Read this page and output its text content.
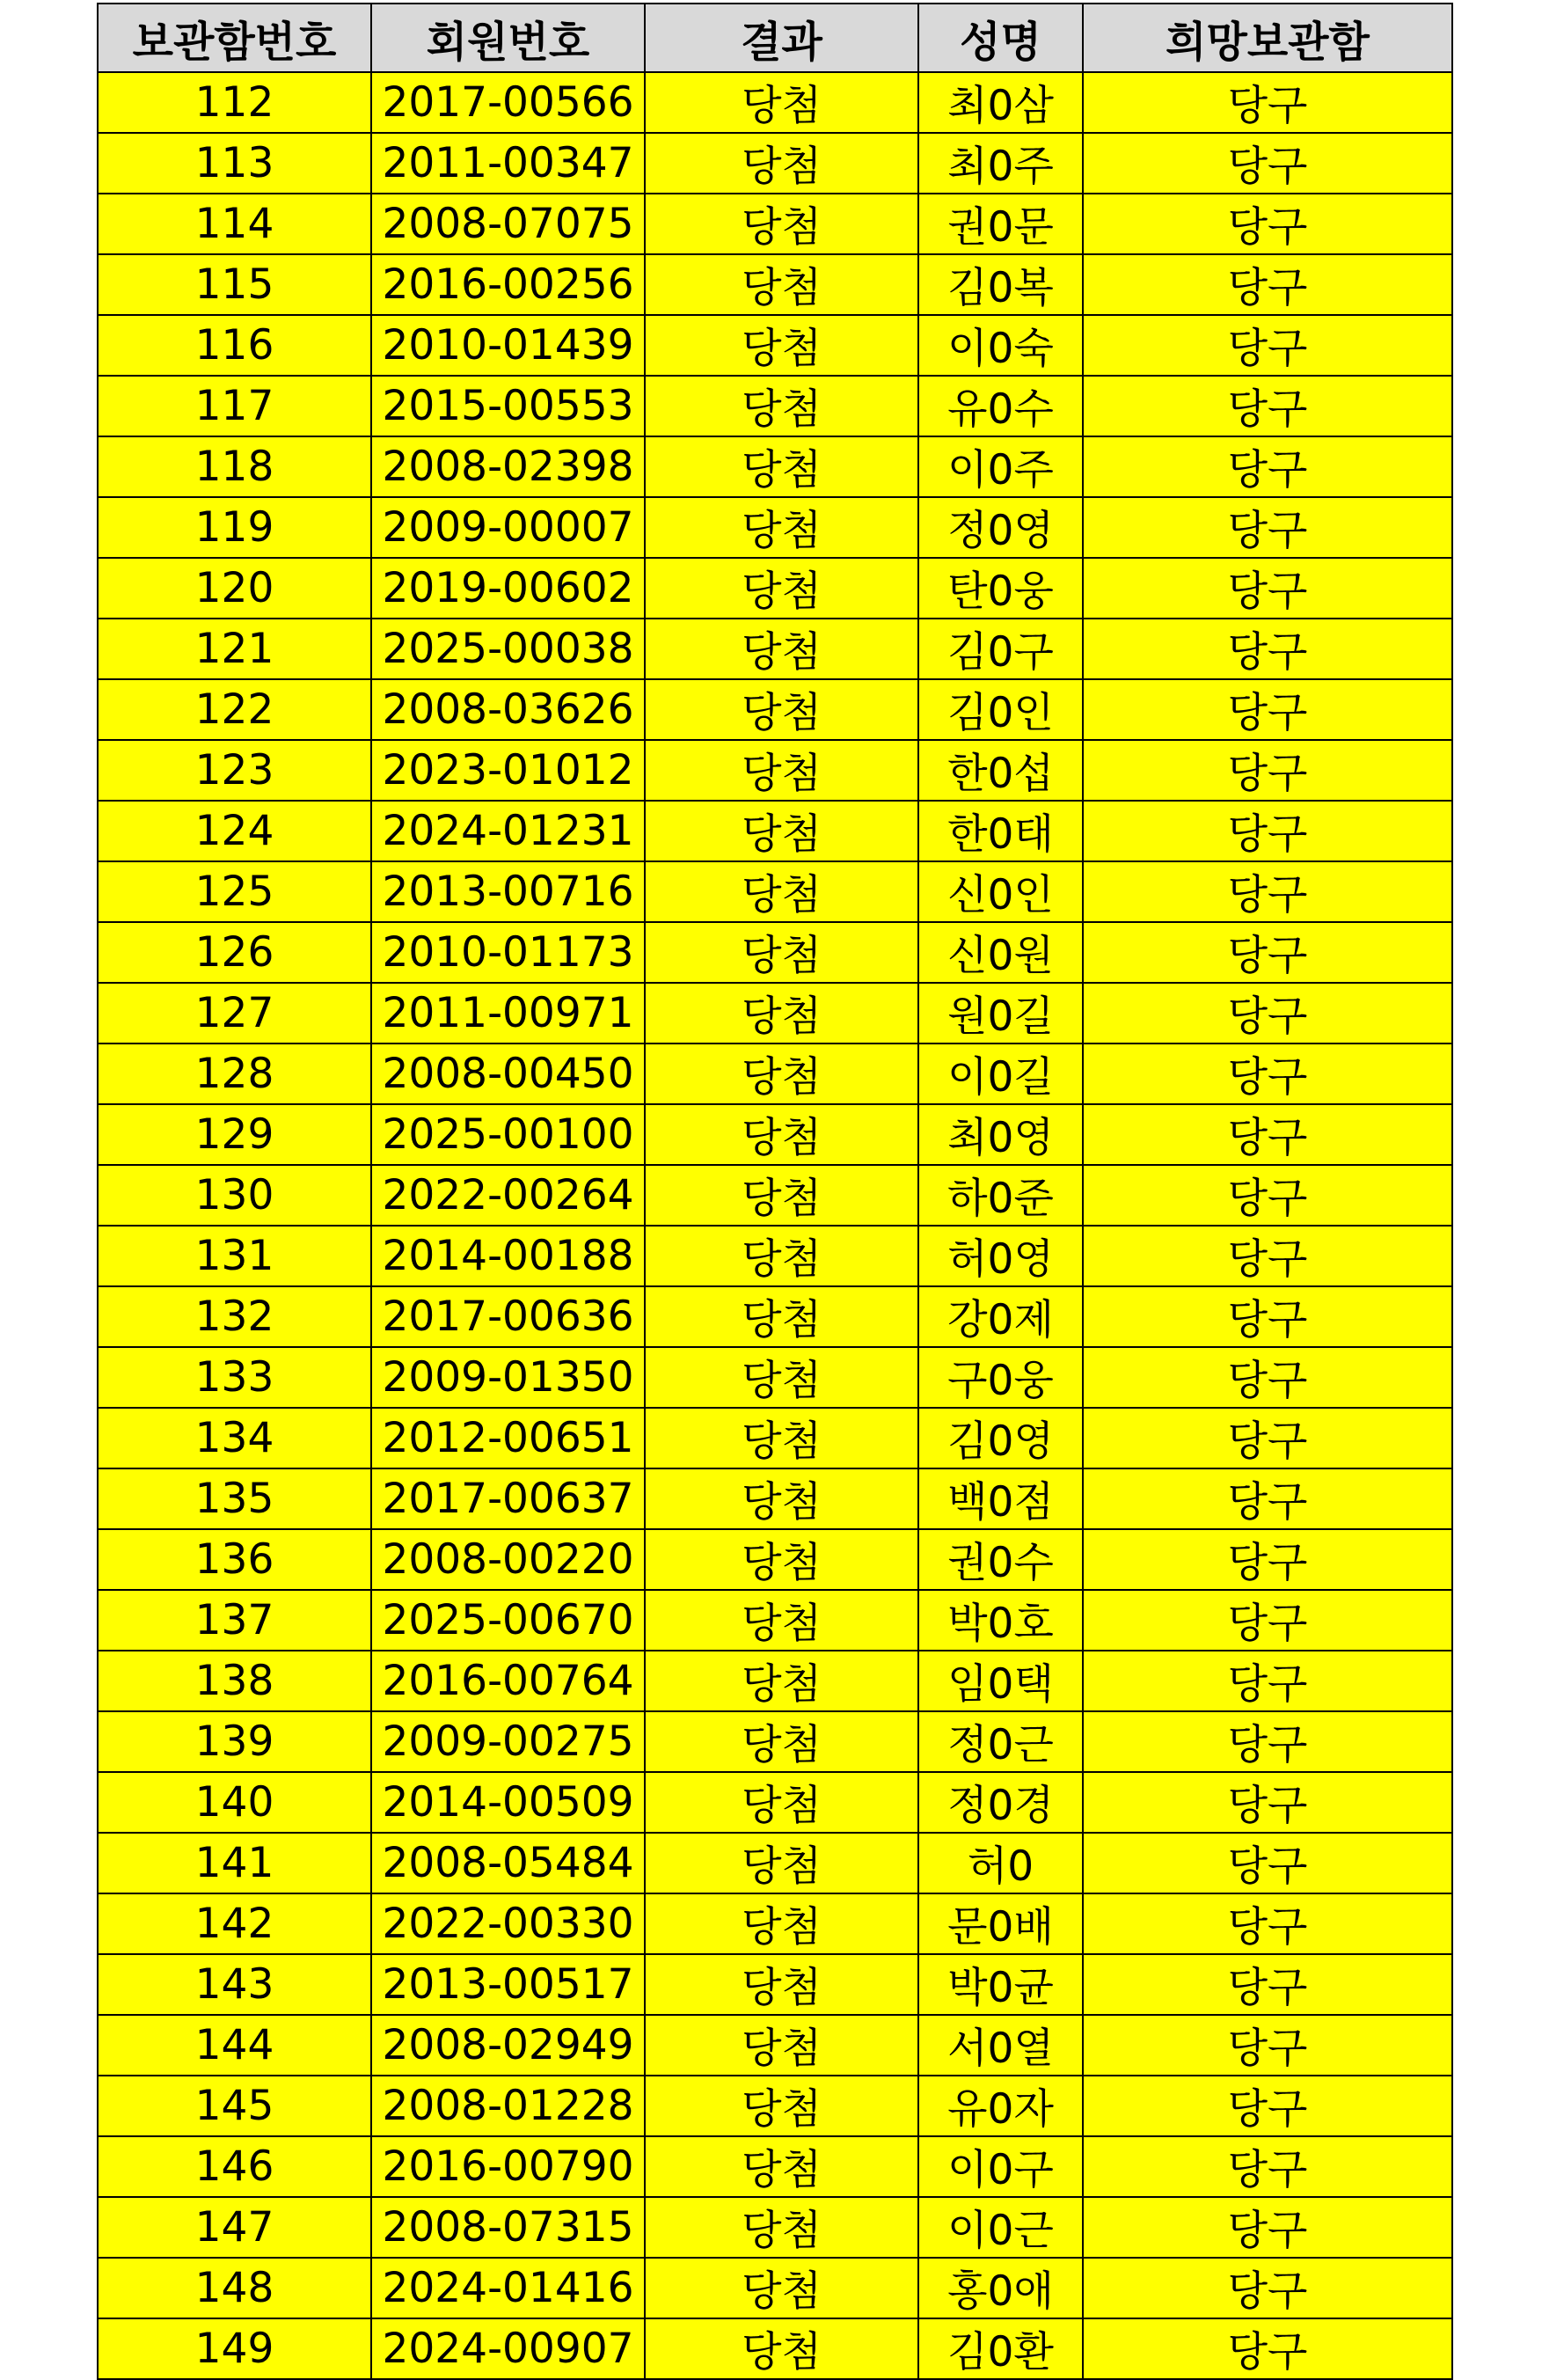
보관함번호	회원번호	결과	성명	희망보관함
112	2017-00566	당첨	최0삼	당구
113	2011-00347	당첨	최0주	당구
114	2008-07075	당첨	권0문	당구
115	2016-00256	당첨	김0복	당구
116	2010-01439	당첨	이0숙	당구
117	2015-00553	당첨	유0수	당구
118	2008-02398	당첨	이0주	당구
119	2009-00007	당첨	정0영	당구
120	2019-00602	당첨	탄0웅	당구
121	2025-00038	당첨	김0구	당구
122	2008-03626	당첨	김0인	당구
123	2023-01012	당첨	한0섭	당구
124	2024-01231	당첨	한0태	당구
125	2013-00716	당첨	신0인	당구
126	2010-01173	당첨	신0원	당구
127	2011-00971	당첨	원0길	당구
128	2008-00450	당첨	이0길	당구
129	2025-00100	당첨	최0영	당구
130	2022-00264	당첨	하0준	당구
131	2014-00188	당첨	허0영	당구
132	2017-00636	당첨	강0제	당구
133	2009-01350	당첨	구0웅	당구
134	2012-00651	당첨	김0영	당구
135	2017-00637	당첨	백0점	당구
136	2008-00220	당첨	권0수	당구
137	2025-00670	당첨	박0호	당구
138	2016-00764	당첨	임0택	당구
139	2009-00275	당첨	정0근	당구
140	2014-00509	당첨	정0경	당구
141	2008-05484	당첨	허0	당구
142	2022-00330	당첨	문0배	당구
143	2013-00517	당첨	박0균	당구
144	2008-02949	당첨	서0열	당구
145	2008-01228	당첨	유0자	당구
146	2016-00790	당첨	이0구	당구
147	2008-07315	당첨	이0근	당구
148	2024-01416	당첨	홍0애	당구
149	2024-00907	당첨	김0환	당구
